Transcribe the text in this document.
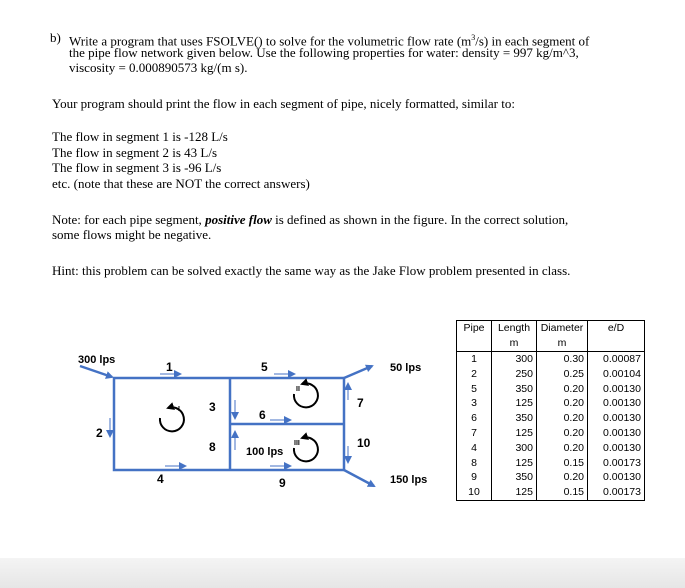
b) Write a program that uses FSOLVE() to solve for the volumetric flow rate $(m^3/s)$ in each segment of
the pipe flow network given below. Use the following properties for water: density = 997 kg/m^3,
viscosity = 0.000890573 kg/(m s).
Your program should print the flow in each segment of pipe, nicely formatted, similar to:
The flow in segment 1 is -128 L/s
The flow in segment 2 is 43 L/s
The flow in segment 3 is -96 L/s
etc. (note that these are NOT the correct answers)
Note: for each pipe segment, positive flow is defined as shown in the figure. In the correct solution,
some flows might be negative.
Hint: this problem can be solved exactly the same way as the Jake Flow problem presented in class.
300 lps
50 lps
100 lps
150 lps
1
2
3
4
5
6
7
8
9
10
I
II
III
Pipe	Length	Diameter	e/D
	m	m	
1	300	0.30	0.00087
2	250	0.25	0.00104
5	350	0.20	0.00130
3	125	0.20	0.00130
6	350	0.20	0.00130
7	125	0.20	0.00130
4	300	0.20	0.00130
8	125	0.15	0.00173
9	350	0.20	0.00130
10	125	0.15	0.00173
